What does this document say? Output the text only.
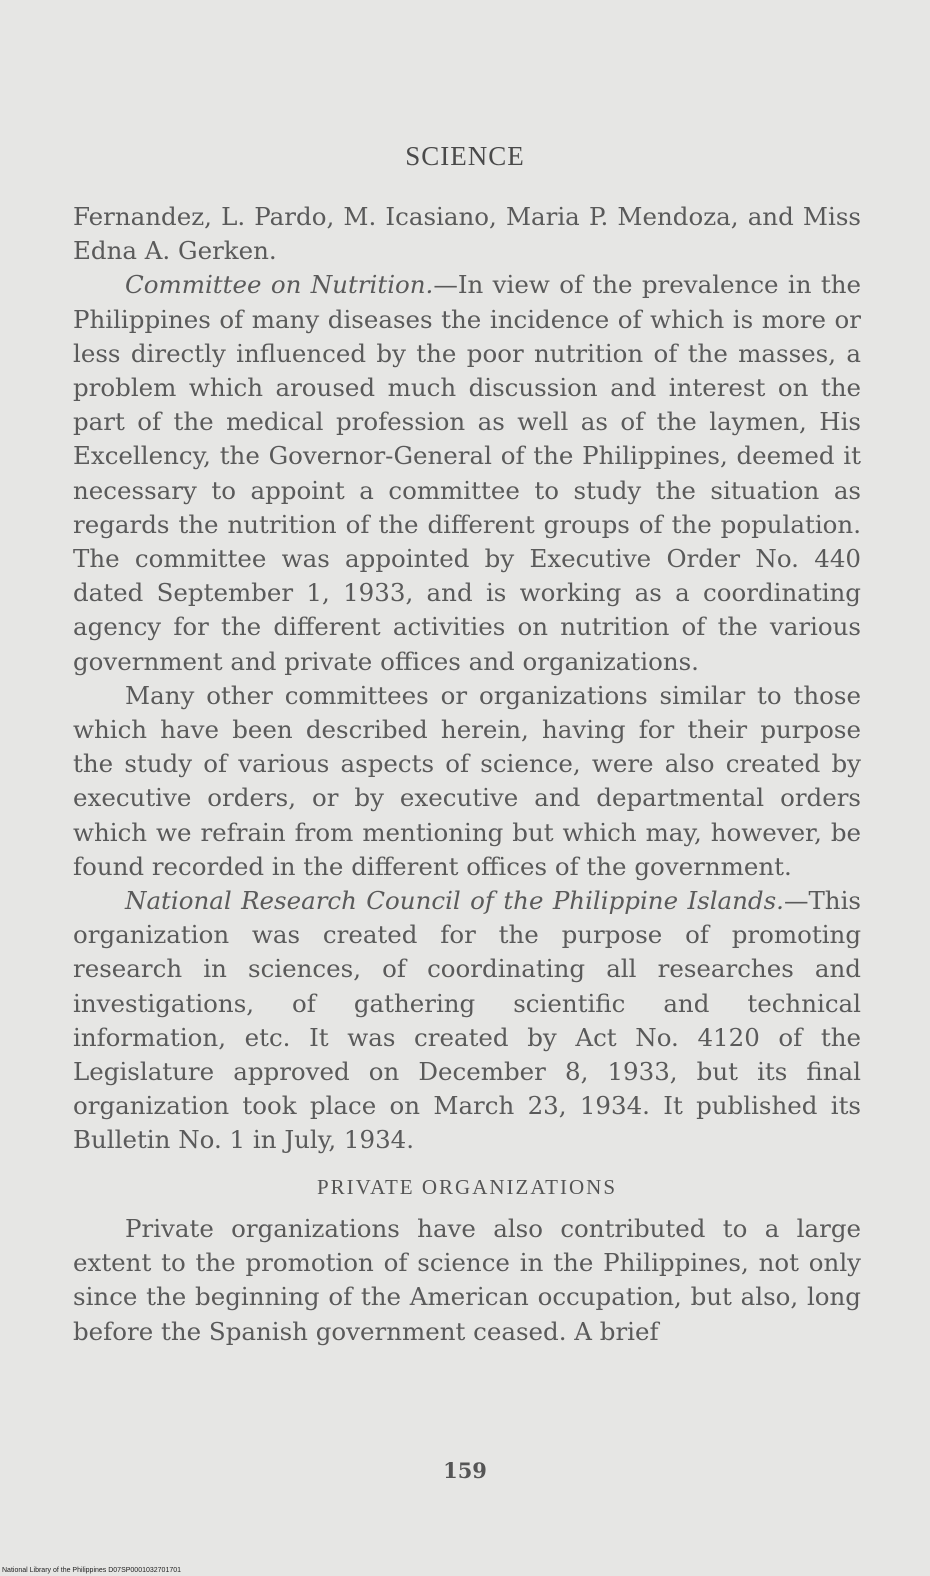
SCIENCE

Fernandez, L. Pardo, M. Icasiano, Maria P. Mendoza, and Miss Edna A. Gerken.

Committee on Nutrition.—In view of the prevalence in the Philippines of many diseases the incidence of which is more or less directly influenced by the poor nutrition of the masses, a problem which aroused much discussion and interest on the part of the medical profession as well as of the laymen, His Excellency, the Governor-General of the Philippines, deemed it necessary to appoint a committee to study the situation as regards the nutrition of the different groups of the population. The committee was appointed by Executive Order No. 440 dated September 1, 1933, and is working as a coordinating agency for the different activities on nutrition of the various government and private offices and organizations.

Many other committees or organizations similar to those which have been described herein, having for their purpose the study of various aspects of science, were also created by executive orders, or by executive and departmental orders which we refrain from mentioning but which may, however, be found recorded in the different offices of the government.

National Research Council of the Philippine Islands.—This organization was created for the purpose of promoting research in sciences, of coordinating all researches and investigations, of gathering scientific and technical information, etc. It was created by Act No. 4120 of the Legislature approved on December 8, 1933, but its final organization took place on March 23, 1934. It published its Bulletin No. 1 in July, 1934.

PRIVATE ORGANIZATIONS

Private organizations have also contributed to a large extent to the promotion of science in the Philippines, not only since the beginning of the American occupation, but also, long before the Spanish government ceased. A brief

159
National Library of the Philippines D07SP0001032701701
